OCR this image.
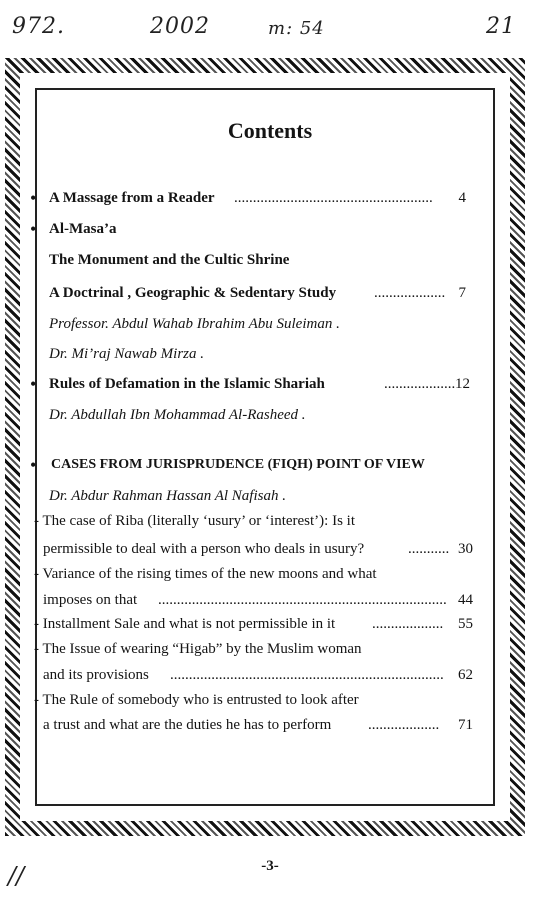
972.	2002	m: 54	21
Contents
• A Massage from a Reader .....................................................	4
• Al-Masa’a
The Monument and the Cultic Shrine
A Doctrinal , Geographic & Sedentary Study	................... 7
Professor. Abdul Wahab Ibrahim Abu Suleiman .
Dr. Mi’raj Nawab Mirza .
• Rules of Defamation in the Islamic Shariah	................... 12
Dr. Abdullah Ibn Mohammad Al-Rasheed .
• CASES FROM JURISPRUDENCE (FIQH) POINT OF VIEW
Dr. Abdur Rahman Hassan Al Nafisah .
- The case of Riba (literally ‘usury’ or ‘interest’): Is it
permissible to deal with a person who deals in usury?	........... 30
- Variance of the rising times of the new moons and what
imposes on that ............................................................................. 44
- Installment Sale and what is not permissible in it ................... 55
- The Issue of wearing “Higab” by the Muslim woman
and its provisions ......................................................................... 62
- The Rule of somebody who is entrusted to look after
a trust and what are the duties he has to perform ...................	71
-3-
//
